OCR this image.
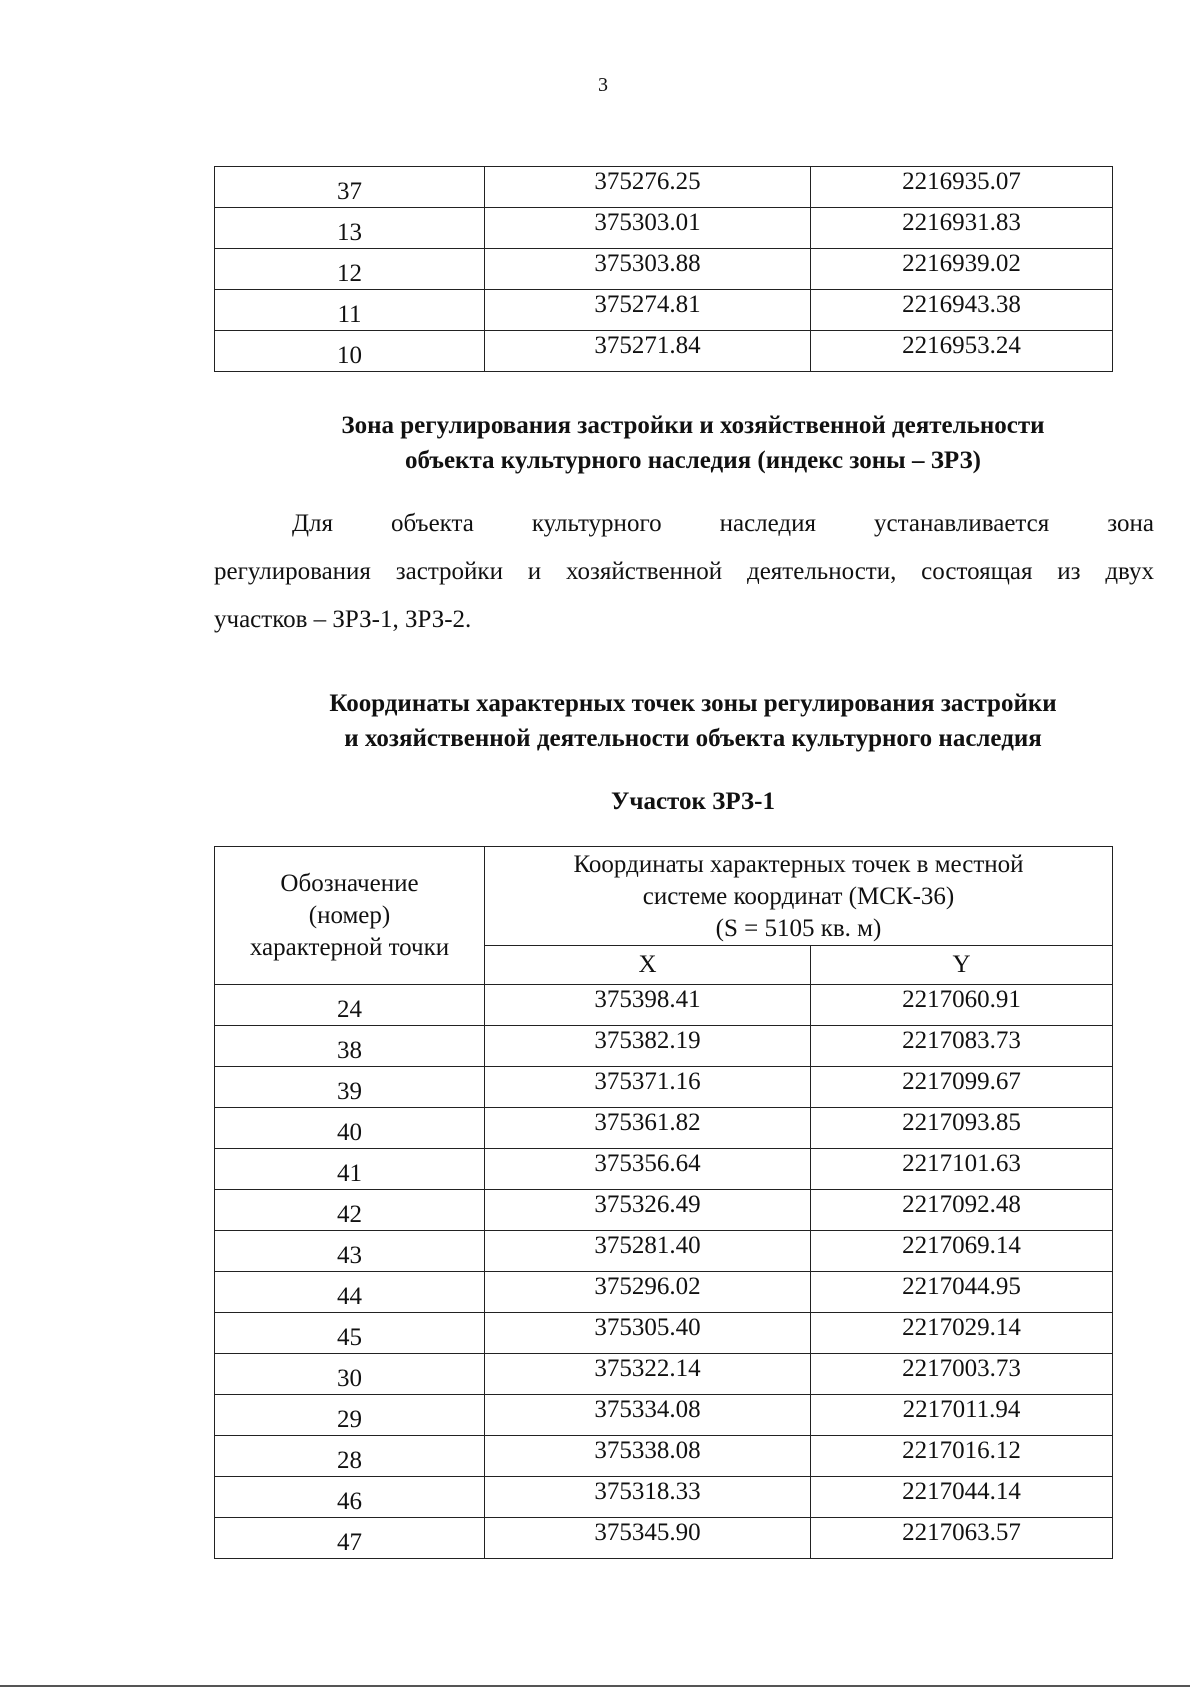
3
37	375276.25	2216935.07

13	375303.01	2216931.83

12	375303.88	2216939.02

11	375274.81	2216943.38

10	375271.84	2216953.24
Зона регулирования застройки и хозяйственной деятельности
объекта культурного наследия (индекс зоны – ЗРЗ)
Для объекта культурного наследия устанавливается зона
регулирования застройки и хозяйственной деятельности, состоящая из двух
участков – ЗРЗ-1, ЗРЗ-2.
Координаты характерных точек зоны регулирования застройки
и хозяйственной деятельности объекта культурного наследия
Участок ЗРЗ-1
Обозначение
(номер)
характерной точки	Координаты характерных точек в местной
системе координат (МСК-36)
(S = 5105 кв. м)	

	X	Y

24	375398.41	2217060.91

38	375382.19	2217083.73

39	375371.16	2217099.67

40	375361.82	2217093.85

41	375356.64	2217101.63

42	375326.49	2217092.48

43	375281.40	2217069.14

44	375296.02	2217044.95

45	375305.40	2217029.14

30	375322.14	2217003.73

29	375334.08	2217011.94

28	375338.08	2217016.12

46	375318.33	2217044.14

47	375345.90	2217063.57
